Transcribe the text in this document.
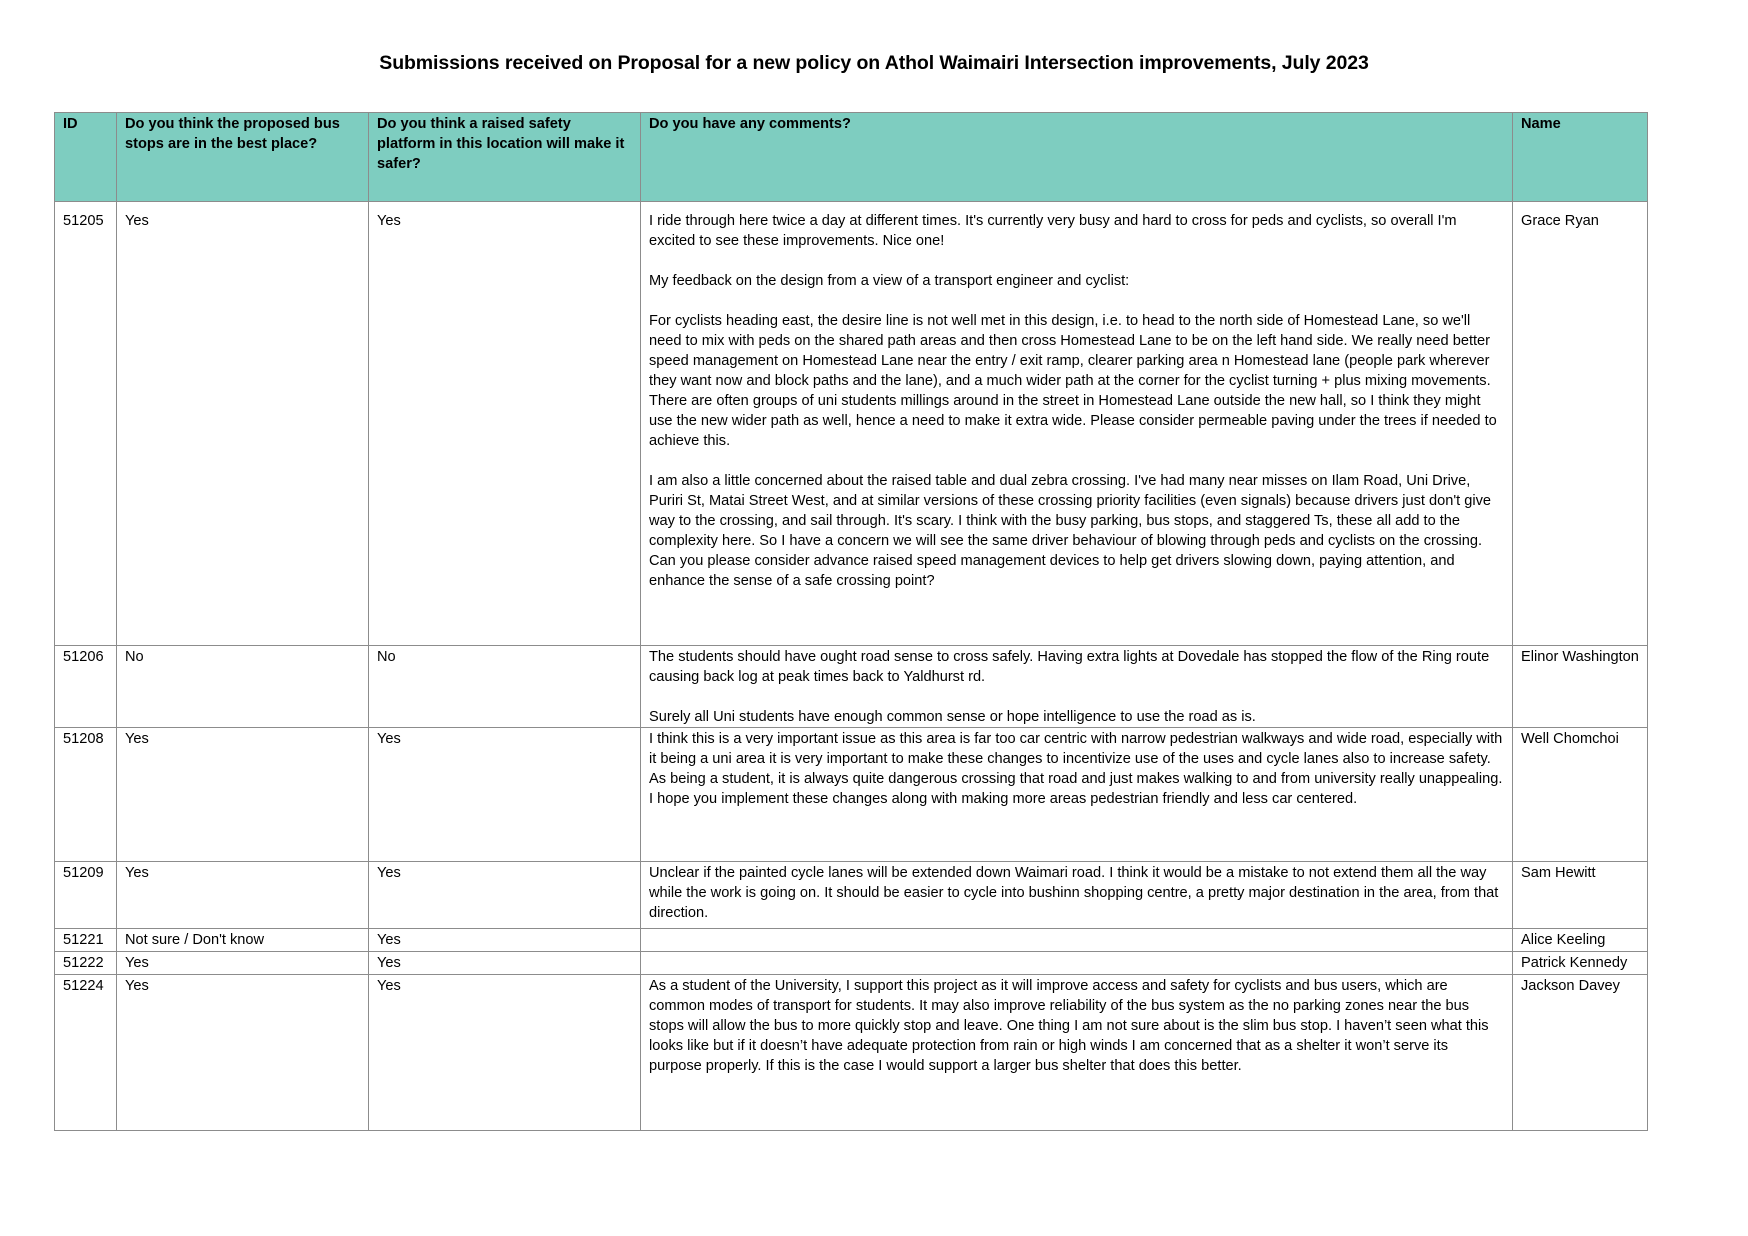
Submissions received on Proposal for a new policy on Athol Waimairi Intersection improvements, July 2023
ID	Do you think the proposed bus stops are in the best place?	Do you think a raised safety platform in this location will make it safer?	Do you have any comments?	Name
51205	Yes	Yes	I ride through here twice a day at different times. It's currently very busy and hard to cross for peds and cyclists, so overall I'm excited to see these improvements. Nice one!

My feedback on the design from a view of a transport engineer and cyclist:

For cyclists heading east, the desire line is not well met in this design, i.e. to head to the north side of Homestead Lane, so we'll need to mix with peds on the shared path areas and then cross Homestead Lane to be on the left hand side. We really need better speed management on Homestead Lane near the entry / exit ramp, clearer parking area n Homestead lane (people park wherever they want now and block paths and the lane), and a much wider path at the corner for the cyclist turning + plus mixing movements. There are often groups of uni students millings around in the street in Homestead Lane outside the new hall, so I think they might use the new wider path as well, hence a need to make it extra wide. Please consider permeable paving under the trees if needed to achieve this.

I am also a little concerned about the raised table and dual zebra crossing. I've had many near misses on Ilam Road, Uni Drive, Puriri St, Matai Street West, and at similar versions of these crossing priority facilities (even signals) because drivers just don't give way to the crossing, and sail through. It's scary. I think with the busy parking, bus stops, and staggered Ts, these all add to the complexity here. So I have a concern we will see the same driver behaviour of blowing through peds and cyclists on the crossing. Can you please consider advance raised speed management devices to help get drivers slowing down, paying attention, and enhance the sense of a safe crossing point?	Grace Ryan
51206	No	No	The students should have ought road sense to cross safely. Having extra lights at Dovedale has stopped the flow of the Ring route causing back log at peak times back to Yaldhurst rd.

Surely all Uni students have enough common sense or hope intelligence to use the road as is.	Elinor Washington
51208	Yes	Yes	I think this is a very important issue as this area is far too car centric with narrow pedestrian walkways and wide road, especially with it being a uni area it is very important to make these changes to incentivize use of the uses and cycle lanes also to increase safety. As being a student, it is always quite dangerous crossing that road and just makes walking to and from university really unappealing. I hope you implement these changes along with making more areas pedestrian friendly and less car centered.	Well Chomchoi
51209	Yes	Yes	Unclear if the painted cycle lanes will be extended down Waimari road. I think it would be a mistake to not extend them all the way while the work is going on. It should be easier to cycle into bushinn shopping centre, a pretty major destination in the area, from that direction.	Sam Hewitt
51221	Not sure / Don't know	Yes		Alice Keeling
51222	Yes	Yes		Patrick Kennedy
51224	Yes	Yes	As a student of the University, I support this project as it will improve access and safety for cyclists and bus users, which are common modes of transport for students. It may also improve reliability of the bus system as the no parking zones near the bus stops will allow the bus to more quickly stop and leave. One thing I am not sure about is the slim bus stop. I haven’t seen what this looks like but if it doesn’t have adequate protection from rain or high winds I am concerned that as a shelter it won’t serve its purpose properly. If this is the case I would support a larger bus shelter that does this better.	Jackson Davey
